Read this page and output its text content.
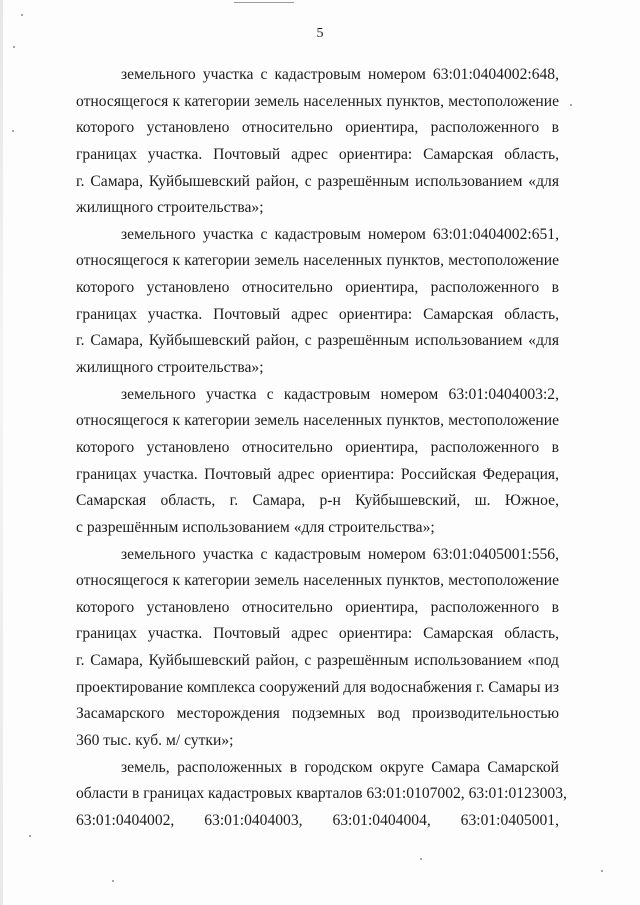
5
земельного участка с кадастровым номером 63:01:0404002:648,
относящегося к категории земель населенных пунктов, местоположение
которого установлено относительно ориентира, расположенного в
границах участка. Почтовый адрес ориентира: Самарская область,
г. Самара, Куйбышевский район, с разрешённым использованием «для
жилищного строительства»;
земельного участка с кадастровым номером 63:01:0404002:651,
относящегося к категории земель населенных пунктов, местоположение
которого установлено относительно ориентира, расположенного в
границах участка. Почтовый адрес ориентира: Самарская область,
г. Самара, Куйбышевский район, с разрешённым использованием «для
жилищного строительства»;
земельного участка с кадастровым номером 63:01:0404003:2,
относящегося к категории земель населенных пунктов, местоположение
которого установлено относительно ориентира, расположенного в
границах участка. Почтовый адрес ориентира: Российская Федерация,
Самарская область, г. Самара, р-н Куйбышевский, ш. Южное,
с разрешённым использованием «для строительства»;
земельного участка с кадастровым номером 63:01:0405001:556,
относящегося к категории земель населенных пунктов, местоположение
которого установлено относительно ориентира, расположенного в
границах участка. Почтовый адрес ориентира: Самарская область,
г. Самара, Куйбышевский район, с разрешённым использованием «под
проектирование комплекса сооружений для водоснабжения г. Самары из
Засамарского месторождения подземных вод производительностью
360 тыс. куб. м/ сутки»;
земель, расположенных в городском округе Самара Самарской
области в границах кадастровых кварталов 63:01:0107002, 63:01:0123003,
63:01:0404002, 63:01:0404003, 63:01:0404004, 63:01:0405001,
